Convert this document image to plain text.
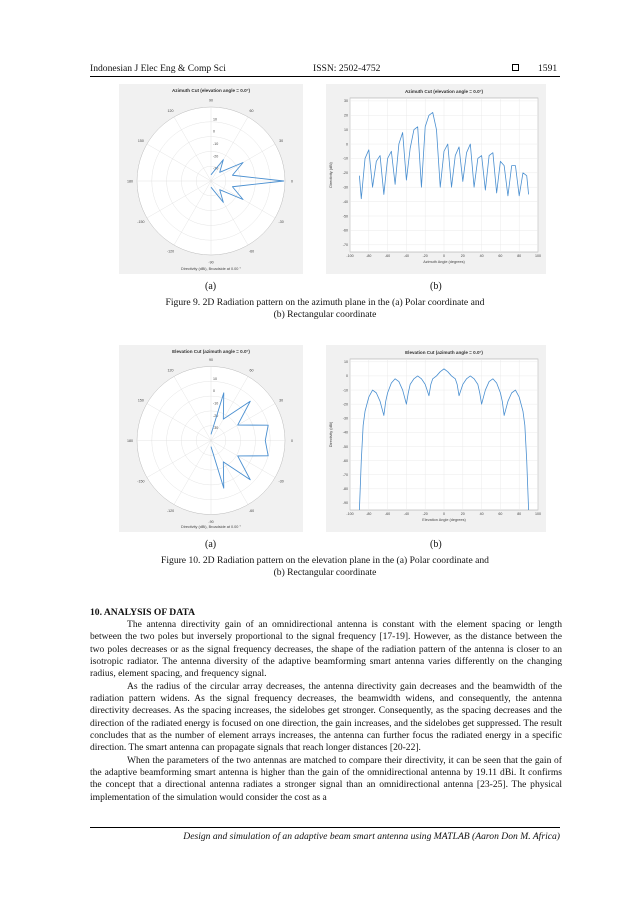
Indonesian J Elec Eng & Comp Sci	ISSN: 2502-4752	1591
Azimuth Cut (elevation angle = 0.0°)
0
30
60
90
120
150
180
-150
-120
-90
-60
-30
10
0
-10
-20
-30
Directivity (dBi), Broadside at 0.00 °
Azimuth Cut (elevation angle = 0.0°)
-100	-80	-60	-40	-20	0	20	40	60	80	100
30
20
10
0
-10
-20
-30
-40
-50
-60
-70
Azimuth Angle (degrees)
Directivity (dBi)
(a)	(b)
Figure 9. 2D Radiation pattern on the azimuth plane in the (a) Polar coordinate and
(b) Rectangular coordinate
Elevation Cut (azimuth angle = 0.0°)
0
30
60
90
120
150
180
-150
-120
-90
-60
-30
10
0
-10
-20
-30
Directivity (dBi), Broadside at 0.00 °
Elevation Cut (azimuth angle = 0.0°)
-100	-80	-60	-40	-20	0	20	40	60	80	100
10
0
-10
-20
-30
-40
-50
-60
-70
-80
-90
Elevation Angle (degrees)
Directivity (dBi)
(a)	(b)
Figure 10. 2D Radiation pattern on the elevation plane in the (a) Polar coordinate and
(b) Rectangular coordinate
10. ANALYSIS OF DATA

The antenna directivity gain of an omnidirectional antenna is constant with the element spacing or length between the two poles but inversely proportional to the signal frequency [17-19]. However, as the distance between the two poles decreases or as the signal frequency decreases, the shape of the radiation pattern of the antenna is closer to an isotropic radiator. The antenna diversity of the adaptive beamforming smart antenna varies differently on the changing radius, element spacing, and frequency signal.

As the radius of the circular array decreases, the antenna directivity gain decreases and the beamwidth of the radiation pattern widens. As the signal frequency decreases, the beamwidth widens, and consequently, the antenna directivity decreases. As the spacing increases, the sidelobes get stronger. Consequently, as the spacing decreases and the direction of the radiated energy is focused on one direction, the gain increases, and the sidelobes get suppressed. The result concludes that as the number of element arrays increases, the antenna can further focus the radiated energy in a specific direction. The smart antenna can propagate signals that reach longer distances [20-22].

When the parameters of the two antennas are matched to compare their directivity, it can be seen that the gain of the adaptive beamforming smart antenna is higher than the gain of the omnidirectional antenna by 19.11 dBi. It confirms the concept that a directional antenna radiates a stronger signal than an omnidirectional antenna [23-25]. The physical implementation of the simulation would consider the cost as a

Design and simulation of an adaptive beam smart antenna using MATLAB (Aaron Don M. Africa)
